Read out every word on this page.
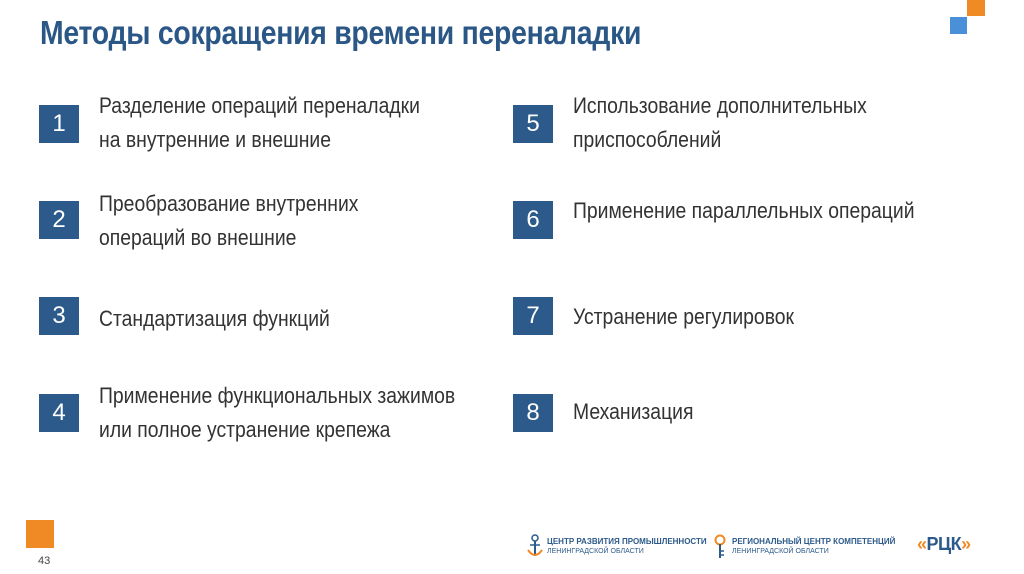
Методы сокращения времени переналадки
1
Разделение операций переналадки
на внутренние и внешние
2
Преобразование внутренних
операций во внешние
3	Стандартизация функций
4
Применение функциональных зажимов
или полное устранение крепежа
5
Использование дополнительных
приспособлений
6	Применение параллельных операций
7	Устранение регулировок
8	Механизация
43
ЦЕНТР РАЗВИТИЯ ПРОМЫШЛЕННОСТИ
ЛЕНИНГРАДСКОЙ ОБЛАСТИ
РЕГИОНАЛЬНЫЙ ЦЕНТР КОМПЕТЕНЦИЙ
ЛЕНИНГРАДСКОЙ ОБЛАСТИ	«РЦК»
